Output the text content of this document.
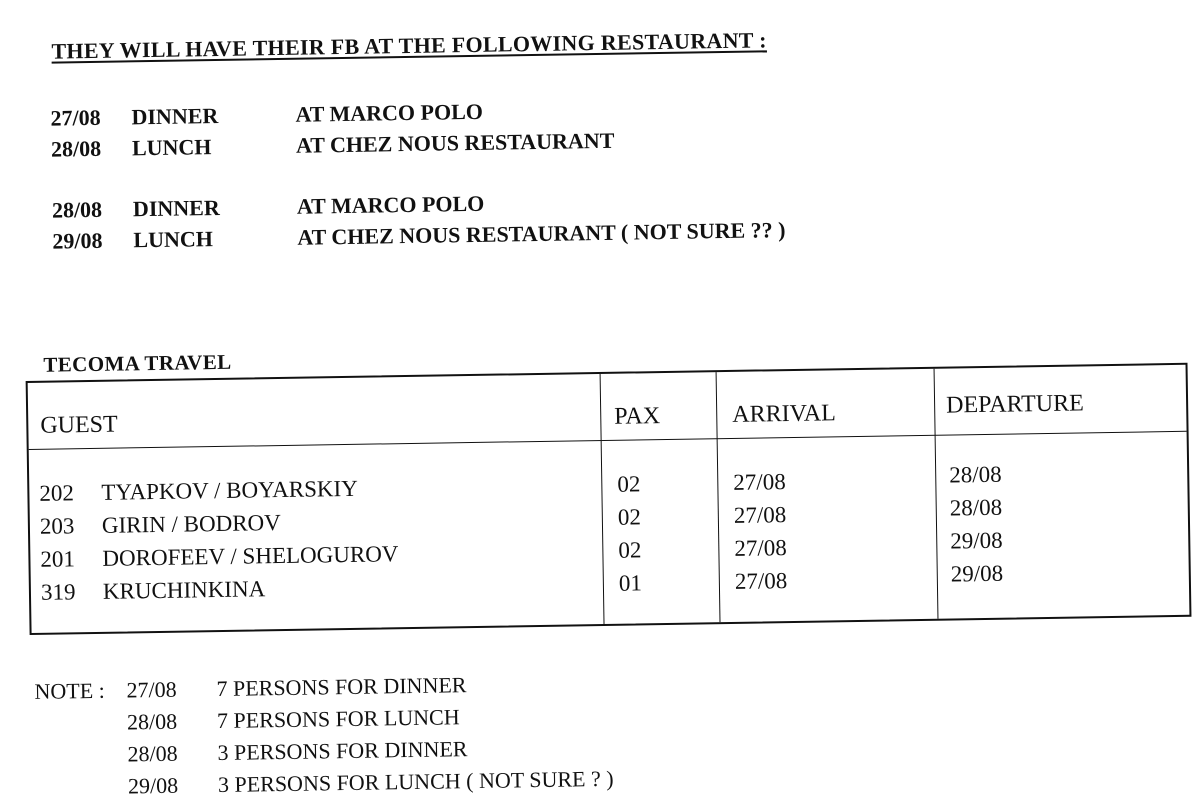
THEY WILL HAVE THEIR FB AT THE FOLLOWING RESTAURANT :
27/08 DINNER	AT MARCO POLO
28/08 LUNCH	AT CHEZ NOUS RESTAURANT
28/08 DINNER	AT MARCO POLO
29/08 LUNCH	AT CHEZ NOUS RESTAURANT ( NOT SURE ?? )
TECOMA TRAVEL
GUEST	PAX	ARRIVAL	DEPARTURE
202 TYAPKOV / BOYARSKIY	02	27/08	28/08
203 GIRIN / BODROV	02	27/08	28/08
201 DOROFEEV / SHELOGUROV	02	27/08	29/08
319 KRUCHINKINA	01	27/08	29/08
NOTE : 27/08 7 PERSONS FOR DINNER
28/08 7 PERSONS FOR LUNCH
28/08 3 PERSONS FOR DINNER
29/08 3 PERSONS FOR LUNCH ( NOT SURE ? )
